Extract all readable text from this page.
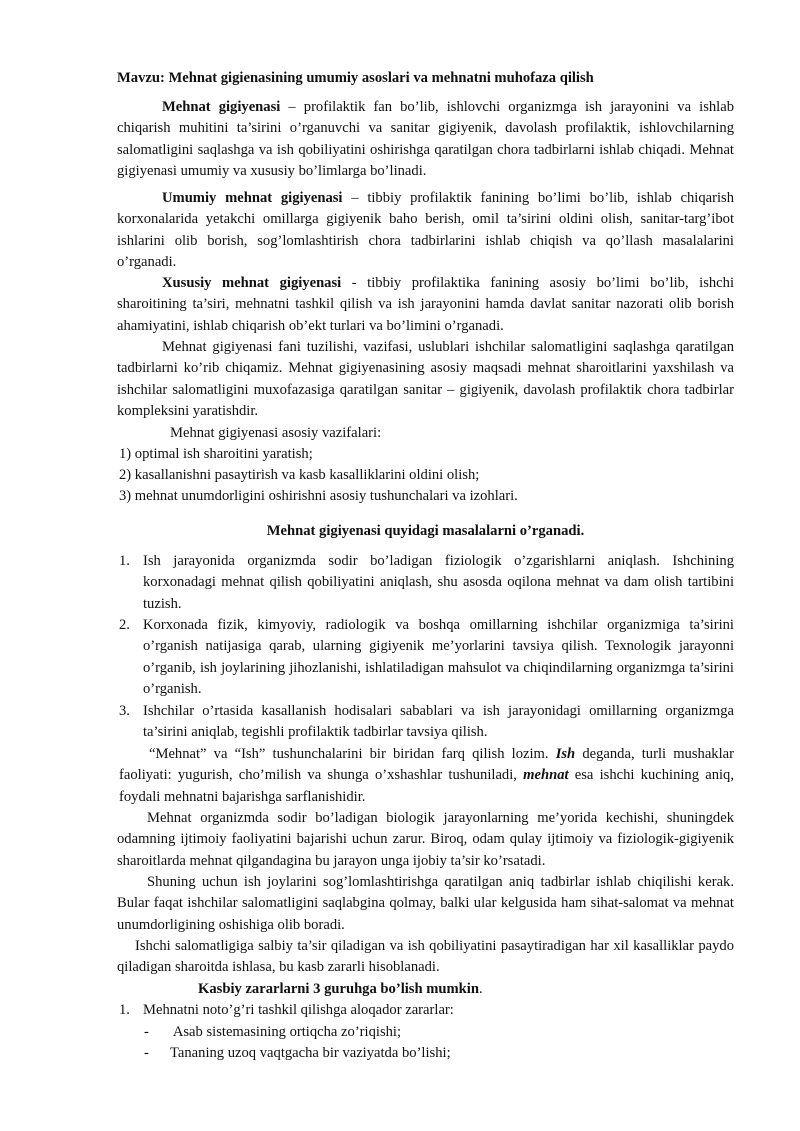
Mavzu: Mehnat gigienasining umumiy asoslari va mehnatni muhofaza qilish
Mehnat gigiyenasi – profilaktik fan bo’lib, ishlovchi organizmga ish jarayonini va ishlab chiqarish muhitini ta’sirini o’rganuvchi va sanitar gigiyenik, davolash profilaktik, ishlovchilarning salomatligini saqlashga va ish qobiliyatini oshirishga qaratilgan chora tadbirlarni ishlab chiqadi. Mehnat gigiyenasi umumiy va xususiy bo’limlarga bo’linadi.
Umumiy mehnat gigiyenasi – tibbiy profilaktik fanining bo’limi bo’lib, ishlab chiqarish korxonalarida yetakchi omillarga gigiyenik baho berish, omil ta’sirini oldini olish, sanitar-targ’ibot ishlarini olib borish, sog’lomlashtirish chora tadbirlarini ishlab chiqish va qo’llash masalalarini o’rganadi.
Xususiy mehnat gigiyenasi - tibbiy profilaktika fanining asosiy bo’limi bo’lib, ishchi sharoitining ta’siri, mehnatni tashkil qilish va ish jarayonini hamda davlat sanitar nazorati olib borish ahamiyatini, ishlab chiqarish ob’ekt turlari va bo’limini o’rganadi.
Mehnat gigiyenasi fani tuzilishi, vazifasi, uslublari ishchilar salomatligini saqlashga qaratilgan tadbirlarni ko’rib chiqamiz. Mehnat gigiyenasining asosiy maqsadi mehnat sharoitlarini yaxshilash va ishchilar salomatligini muxofazasiga qaratilgan sanitar – gigiyenik, davolash profilaktik chora tadbirlar kompleksini yaratishdir.
Mehnat gigiyenasi asosiy vazifalari:
1) optimal ish sharoitini yaratish;
2) kasallanishni pasaytirish va kasb kasalliklarini oldini olish;
3) mehnat unumdorligini oshirishni asosiy tushunchalari va izohlari.
Mehnat gigiyenasi quyidagi masalalarni o’rganadi.
1. Ish jarayonida organizmda sodir bo’ladigan fiziologik o’zgarishlarni aniqlash. Ishchining korxonadagi mehnat qilish qobiliyatini aniqlash, shu asosda oqilona mehnat va dam olish tartibini tuzish.
2. Korxonada fizik, kimyoviy, radiologik va boshqa omillarning ishchilar organizmiga ta’sirini o’rganish natijasiga qarab, ularning gigiyenik me’yorlarini tavsiya qilish. Texnologik jarayonni o’rganib, ish joylarining jihozlanishi, ishlatiladigan mahsulot va chiqindilarning organizmga ta’sirini o’rganish.
3. Ishchilar o’rtasida kasallanish hodisalari sabablari va ish jarayonidagi omillarning organizmga ta’sirini aniqlab, tegishli profilaktik tadbirlar tavsiya qilish.
“Mehnat” va “Ish” tushunchalarini bir biridan farq qilish lozim. Ish deganda, turli mushaklar faoliyati: yugurish, cho’milish va shunga o’xshashlar tushuniladi, mehnat esa ishchi kuchining aniq, foydali mehnatni bajarishga sarflanishidir.
Mehnat organizmda sodir bo’ladigan biologik jarayonlarning me’yorida kechishi, shuningdek odamning ijtimoiy faoliyatini bajarishi uchun zarur. Biroq, odam qulay ijtimoiy va fiziologik-gigiyenik sharoitlarda mehnat qilgandagina bu jarayon unga ijobiy ta’sir ko’rsatadi.
Shuning uchun ish joylarini sog’lomlashtirishga qaratilgan aniq tadbirlar ishlab chiqilishi kerak. Bular faqat ishchilar salomatligini saqlabgina qolmay, balki ular kelgusida ham sihat-salomat va mehnat unumdorligining oshishiga olib boradi.
Ishchi salomatligiga salbiy ta’sir qiladigan va ish qobiliyatini pasaytiradigan har xil kasalliklar paydo qiladigan sharoitda ishlasa, bu kasb zararli hisoblanadi.
Kasbiy zararlarni 3 guruhga bo’lish mumkin.
1. Mehnatni noto’g’ri tashkil qilishga aloqador zararlar:
- Asab sistemasining ortiqcha zo’riqishi;
- Tananing uzoq vaqtgacha bir vaziyatda bo’lishi;
